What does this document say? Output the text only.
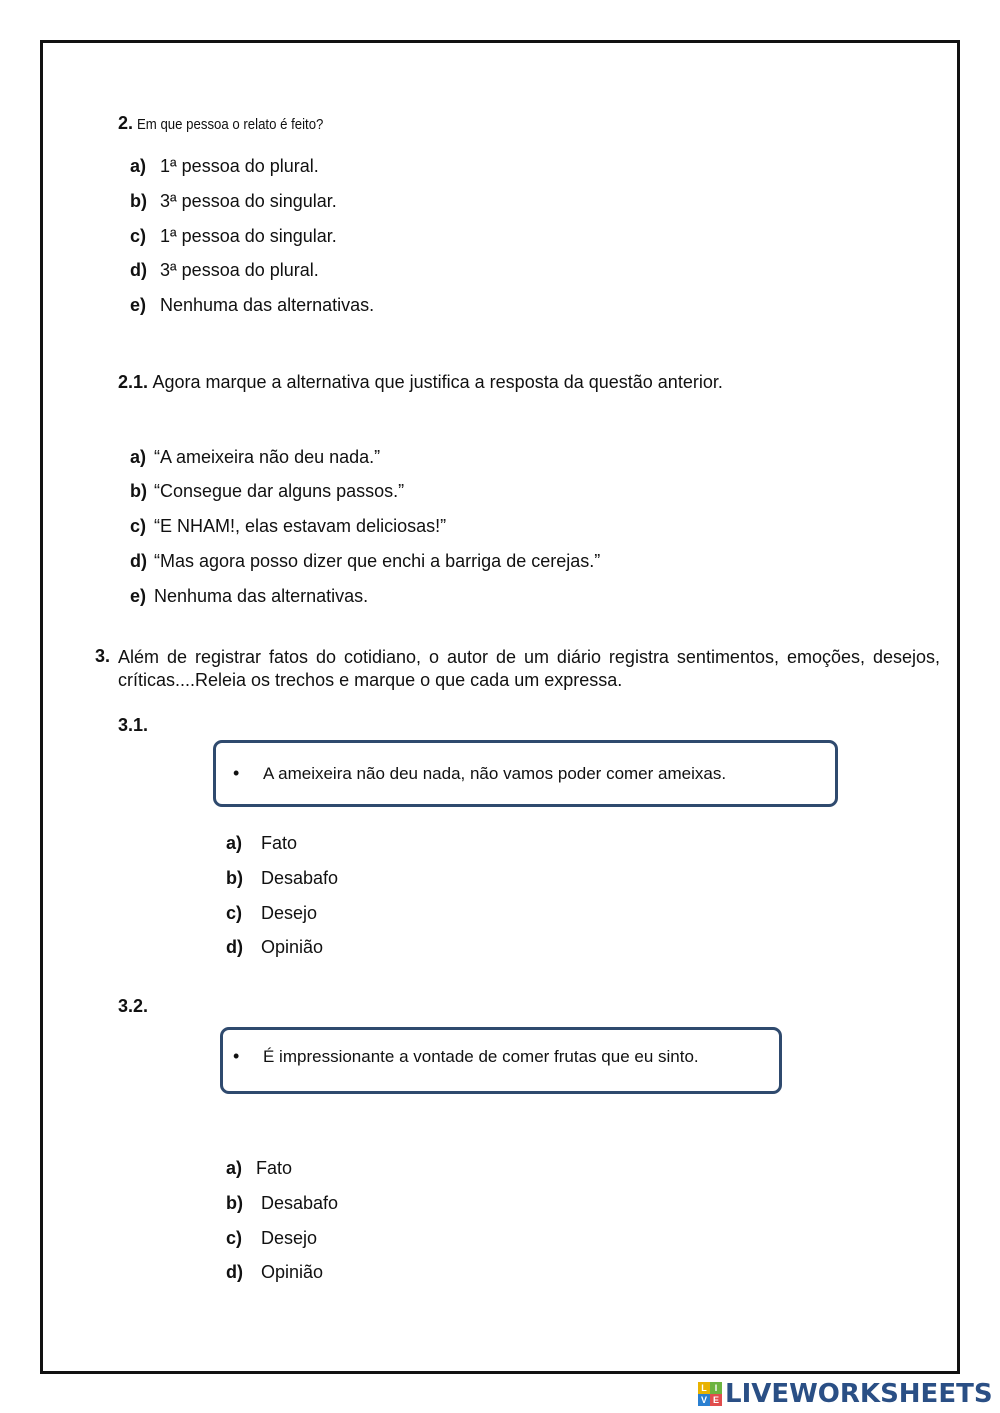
2. Em que pessoa o relato é feito?
a) 1ª pessoa do plural.
b) 3ª pessoa do singular.
c) 1ª pessoa do singular.
d) 3ª pessoa do plural.
e) Nenhuma das alternativas.
2.1. Agora marque a alternativa que justifica a resposta da questão anterior.
a) “A ameixeira não deu nada.”
b) “Consegue dar alguns passos.”
c) “E NHAM!, elas estavam deliciosas!”
d) “Mas agora posso dizer que enchi a barriga de cerejas.”
e) Nenhuma das alternativas.
3. Além de registrar fatos do cotidiano, o autor de um diário registra sentimentos, emoções, desejos, críticas....Releia os trechos e marque o que cada um expressa.
3.1.
• A ameixeira não deu nada, não vamos poder comer ameixas.
a) Fato
b) Desabafo
c) Desejo
d) Opinião
3.2.
• É impressionante a vontade de comer frutas que eu sinto.
a) Fato
b) Desabafo
c) Desejo
d) Opinião
L I
V E LIVEWORKSHEETS
